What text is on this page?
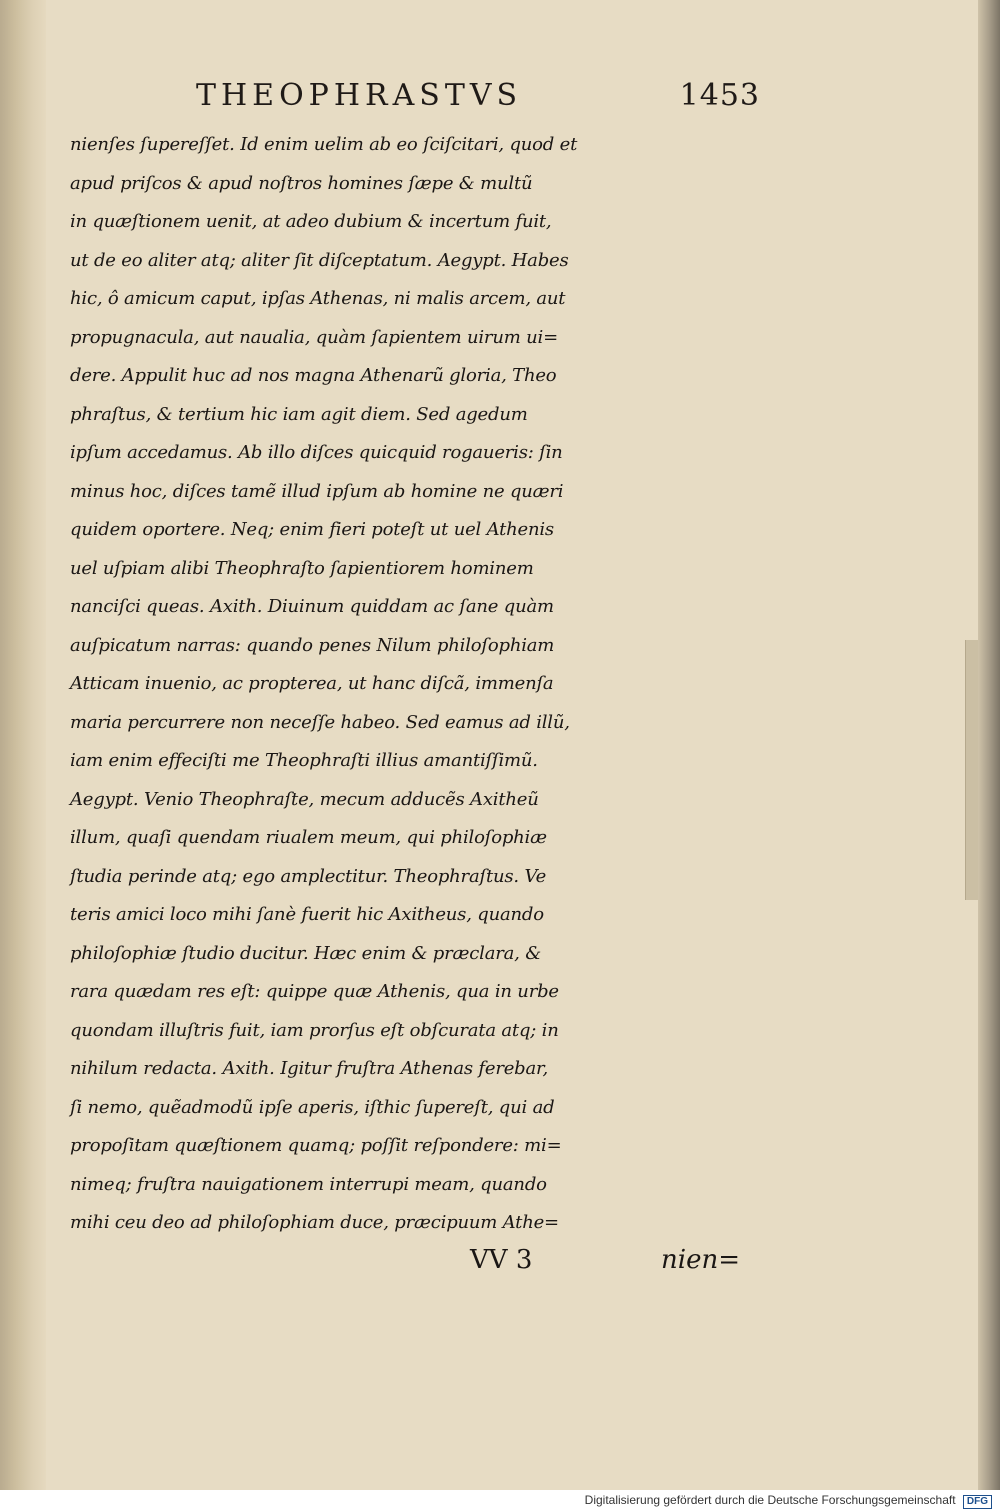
THEOPHRASTVS	1453
nienſes ſupereſſet. Id enim uelim ab eo ſciſcitari, quod et
apud priſcos & apud noſtros homines ſæpe & multũ
in quæſtionem uenit, at adeo dubium & incertum fuit,
ut de eo aliter atq; aliter ſit diſceptatum. Aegypt. Habes
hic, ô amicum caput, ipſas Athenas, ni malis arcem, aut
propugnacula, aut naualia, quàm ſapientem uirum ui=
dere. Appulit huc ad nos magna Athenarũ gloria, Theo
phraſtus, & tertium hic iam agit diem. Sed agedum
ipſum accedamus. Ab illo diſces quicquid rogaueris: ſin
minus hoc, diſces tamẽ illud ipſum ab homine ne quæri
quidem oportere. Neq; enim fieri poteſt ut uel Athenis
uel uſpiam alibi Theophraſto ſapientiorem hominem
nanciſci queas. Axith. Diuinum quiddam ac ſane quàm
auſpicatum narras: quando penes Nilum philoſophiam
Atticam inuenio, ac propterea, ut hanc diſcã, immenſa
maria percurrere non neceſſe habeo. Sed eamus ad illũ,
iam enim effeciſti me Theophraſti illius amantiſſimũ.
Aegypt. Venio Theophraſte, mecum adducẽs Axitheũ
illum, quaſi quendam riualem meum, qui philoſophiæ
ſtudia perinde atq; ego amplectitur. Theophraſtus. Ve
teris amici loco mihi ſanè fuerit hic Axitheus, quando
philoſophiæ ſtudio ducitur. Hæc enim & præclara, &
rara quædam res eſt: quippe quæ Athenis, qua in urbe
quondam illuſtris fuit, iam prorſus eſt obſcurata atq; in
nihilum redacta. Axith. Igitur fruſtra Athenas ferebar,
ſi nemo, quẽadmodũ ipſe aperis, iſthic ſupereſt, qui ad
propoſitam quæſtionem quamq; poſſit reſpondere: mi=
nimeq; fruſtra nauigationem interrupi meam, quando
mihi ceu deo ad philoſophiam duce, præcipuum Athe=
VV 3	nien=
Digitalisierung gefördert durch die Deutsche Forschungsgemeinschaft DFG
